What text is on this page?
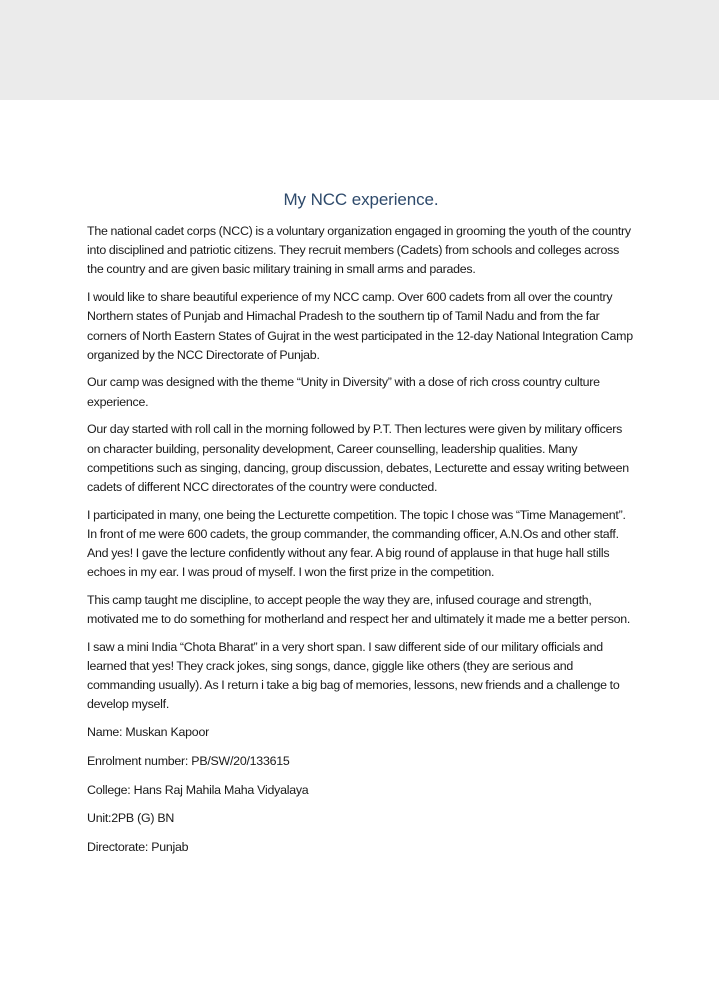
My NCC experience.

The national cadet corps (NCC) is a voluntary organization engaged in grooming the youth of the country into disciplined and patriotic citizens. They recruit members (Cadets) from schools and colleges across the country and are given basic military training in small arms and parades.

I would like to share beautiful experience of my NCC camp. Over 600 cadets from all over the country Northern states of Punjab and Himachal Pradesh to the southern tip of Tamil Nadu and from the far corners of North Eastern States of Gujrat in the west participated in the 12-day National Integration Camp organized by the NCC Directorate of Punjab.

Our camp was designed with the theme “Unity in Diversity” with a dose of rich cross country culture experience.

Our day started with roll call in the morning followed by P.T. Then lectures were given by military officers on character building, personality development, Career counselling, leadership qualities. Many competitions such as singing, dancing, group discussion, debates, Lecturette and essay writing between cadets of different NCC directorates of the country were conducted.

I participated in many, one being the Lecturette competition. The topic I chose was “Time Management”. In front of me were 600 cadets, the group commander, the commanding officer, A.N.Os and other staff. And yes! I gave the lecture confidently without any fear. A big round of applause in that huge hall stills echoes in my ear. I was proud of myself. I won the first prize in the competition.

This camp taught me discipline, to accept people the way they are, infused courage and strength, motivated me to do something for motherland and respect her and ultimately it made me a better person.

I saw a mini India “Chota Bharat” in a very short span. I saw different side of our military officials and learned that yes! They crack jokes, sing songs, dance, giggle like others (they are serious and commanding usually). As I return i take a big bag of memories, lessons, new friends and a challenge to develop myself.

Name: Muskan Kapoor

Enrolment number: PB/SW/20/133615

College: Hans Raj Mahila Maha Vidyalaya

Unit:2PB (G) BN

Directorate: Punjab
